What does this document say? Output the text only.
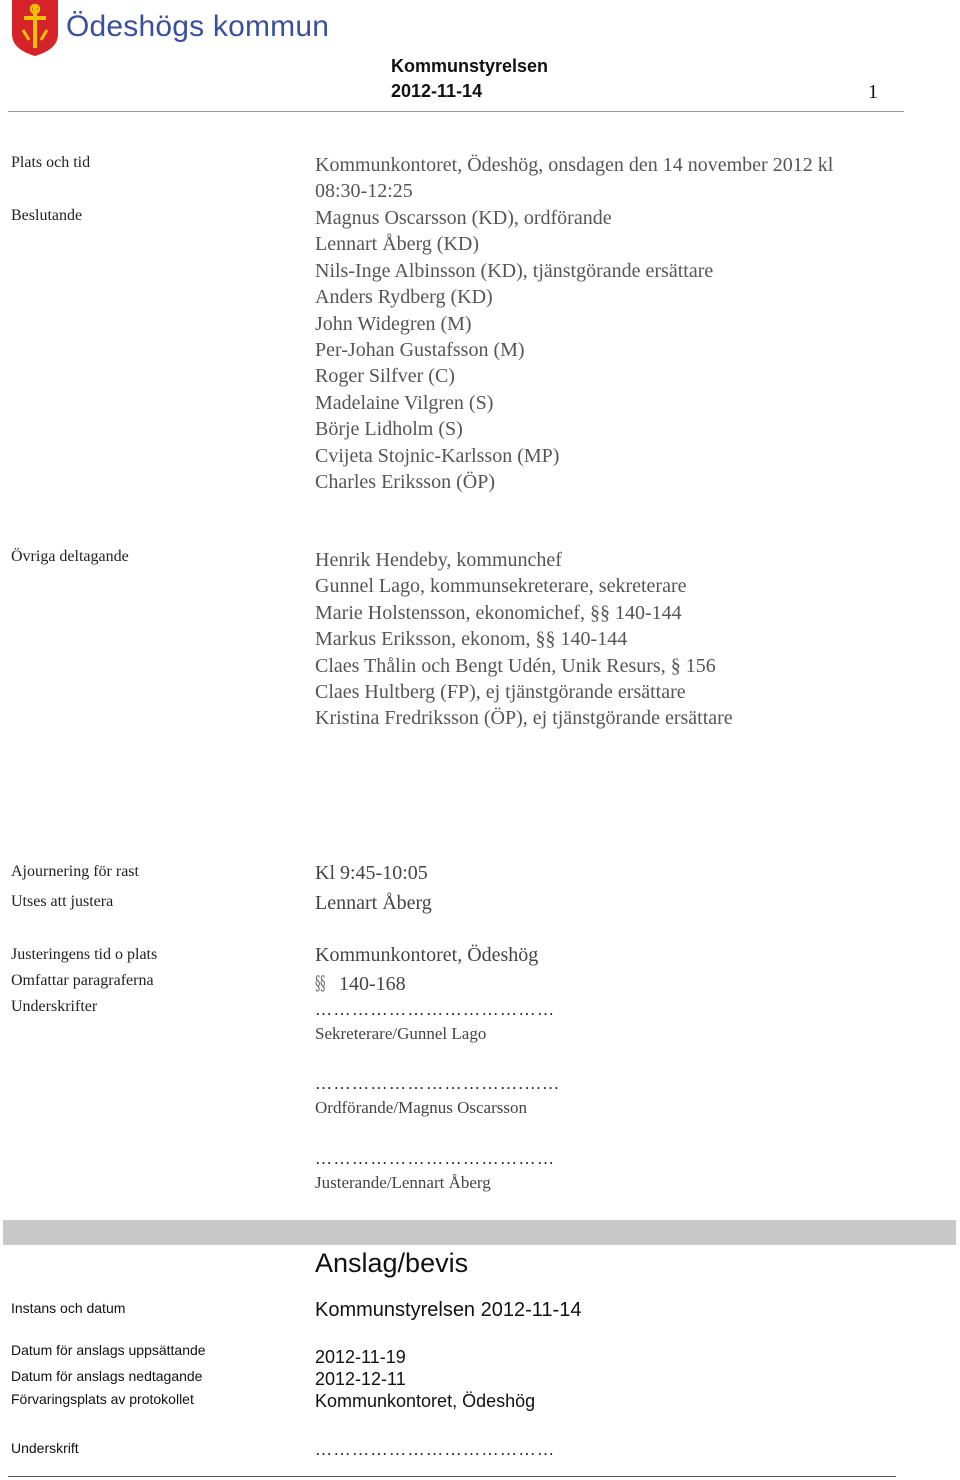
Ödeshögs kommun
Kommunstyrelsen
2012-11-14	1
Plats och tid	Kommunkontoret, Ödeshög, onsdagen den 14 november 2012 kl
08:30-12:25
Beslutande	Magnus Oscarsson (KD), ordförande
Lennart Åberg (KD)
Nils-Inge Albinsson (KD), tjänstgörande ersättare
Anders Rydberg (KD)
John Widegren (M)
Per-Johan Gustafsson (M)
Roger Silfver (C)
Madelaine Vilgren (S)
Börje Lidholm (S)
Cvijeta Stojnic-Karlsson (MP)
Charles Eriksson (ÖP)
Övriga deltagande	Henrik Hendeby, kommunchef
Gunnel Lago, kommunsekreterare, sekreterare
Marie Holstensson, ekonomichef, §§ 140-144
Markus Eriksson, ekonom, §§ 140-144
Claes Thålin och Bengt Udén, Unik Resurs, § 156
Claes Hultberg (FP), ej tjänstgörande ersättare
Kristina Fredriksson (ÖP), ej tjänstgörande ersättare
Ajournering för rast	Kl 9:45-10:05
Utses att justera	Lennart Åberg
Justeringens tid o plats	Kommunkontoret, Ödeshög
Omfattar paragraferna	§§ 140-168
Underskrifter	…………………………………
Sekreterare/Gunnel Lago
…………………………….…...
Ordförande/Magnus Oscarsson
…………………………………
Justerande/Lennart Åberg
Anslag/bevis
Instans och datum	Kommunstyrelsen 2012-11-14
Datum för anslags uppsättande	2012-11-19
Datum för anslags nedtagande	2012-12-11
Förvaringsplats av protokollet	Kommunkontoret, Ödeshög
Underskrift	…………………………………
